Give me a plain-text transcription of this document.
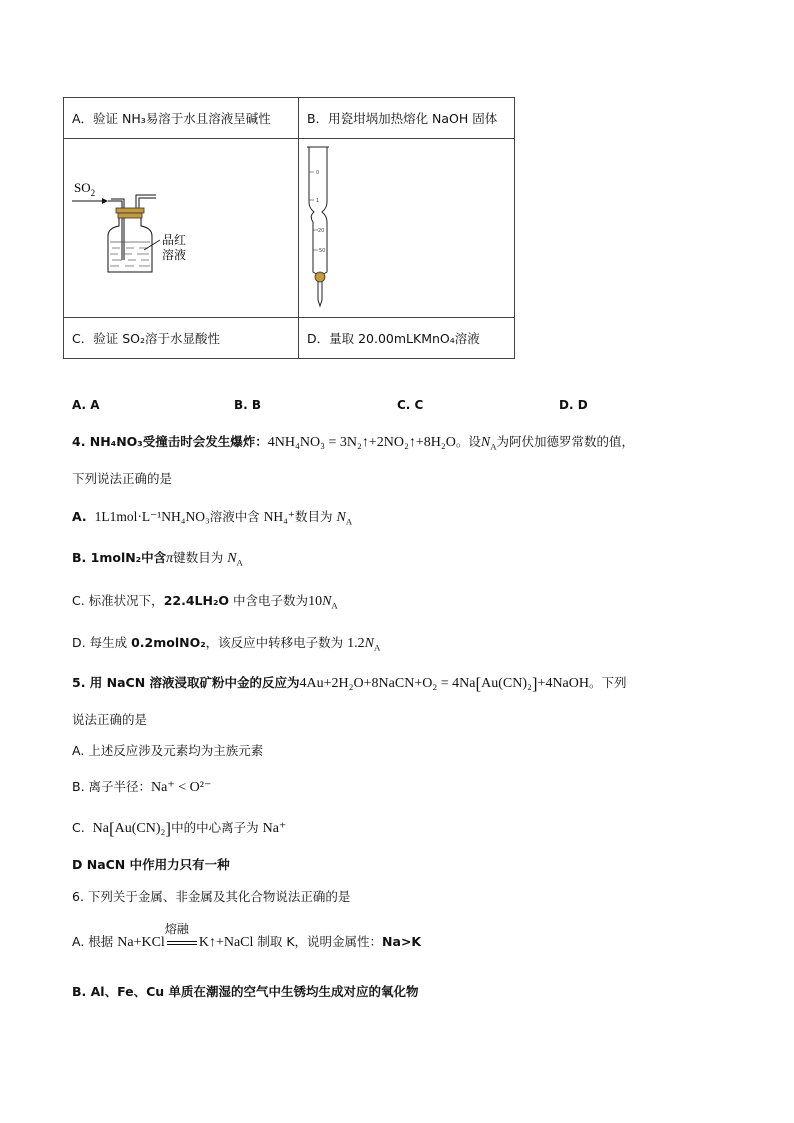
A．验证 NH₃易溶于水且溶液呈碱性	B．用瓷坩埚加热熔化 NaOH 固体
C．验证 SO₂溶于水显酸性	D．量取 20.00mLKMnO₄溶液
$SO_2$
品红
溶液
0
1
20
50
A. A	B. B	C. C	D. D
4. NH₄NO₃受撞击时会发生爆炸：4NH₄NO₃ = 3N₂↑+2NO₂↑+8H₂O。设$N_A$为阿伏加德罗常数的值，
下列说法正确的是
A. 1L1mol·L⁻¹NH₄NO₃溶液中含 NH₄⁺数目为 $N_A$
B. 1molN₂中含π键数目为 $N_A$
C. 标准状况下，22.4LH₂O 中含电子数为$10N_A$
D. 每生成 0.2molNO₂，该反应中转移电子数为 $1.2N_A$
5. 用 NaCN 溶液浸取矿粉中金的反应为4Au+2H₂O+8NaCN+O₂ = 4Na[Au(CN)₂]+4NaOH。下列
说法正确的是
A. 上述反应涉及元素均为主族元素
B. 离子半径：Na⁺ < O²⁻
C. Na[Au(CN)₂]中的中心离子为 Na⁺
D NaCN 中作用力只有一种
6. 下列关于金属、非金属及其化合物说法正确的是
A. 根据 Na+KCl
熔融
K↑+NaCl 制取 K，说明金属性：Na>K
B. Al、Fe、Cu 单质在潮湿的空气中生锈均生成对应的氧化物
